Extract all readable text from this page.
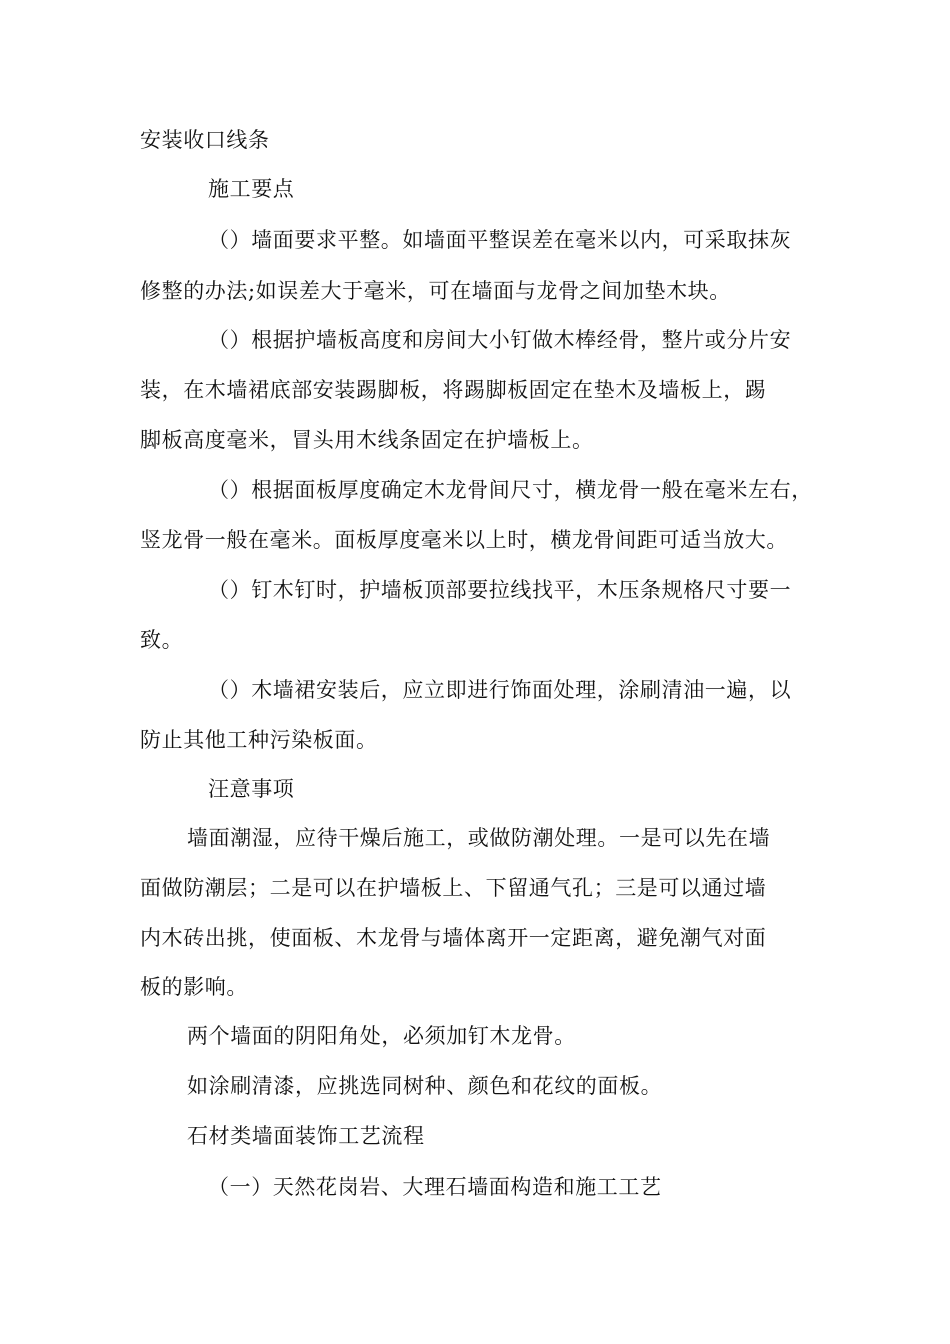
安装收口线条
施工要点
（）墙面要求平整。如墙面平整误差在毫米以内，可采取抹灰
修整的办法;如误差大于毫米，可在墙面与龙骨之间加垫木块。
（）根据护墙板高度和房间大小钉做木棒经骨，整片或分片安
装，在木墙裙底部安装踢脚板，将踢脚板固定在垫木及墙板上，踢
脚板高度毫米，冒头用木线条固定在护墙板上。
（）根据面板厚度确定木龙骨间尺寸，横龙骨一般在毫米左右，
竖龙骨一般在毫米。面板厚度毫米以上时，横龙骨间距可适当放大。
（）钉木钉时，护墙板顶部要拉线找平，木压条规格尺寸要一
致。
（）木墙裙安装后，应立即进行饰面处理，涂刷清油一遍，以
防止其他工种污染板面。
汪意事项
墙面潮湿，应待干燥后施工，或做防潮处理。一是可以先在墙
面做防潮层；二是可以在护墙板上、下留通气孔；三是可以通过墙
内木砖出挑，使面板、木龙骨与墙体离开一定距离，避免潮气对面
板的影响。
两个墙面的阴阳角处，必须加钉木龙骨。
如涂刷清漆，应挑选同树种、颜色和花纹的面板。
石材类墙面装饰工艺流程
（一）天然花岗岩、大理石墙面构造和施工工艺
